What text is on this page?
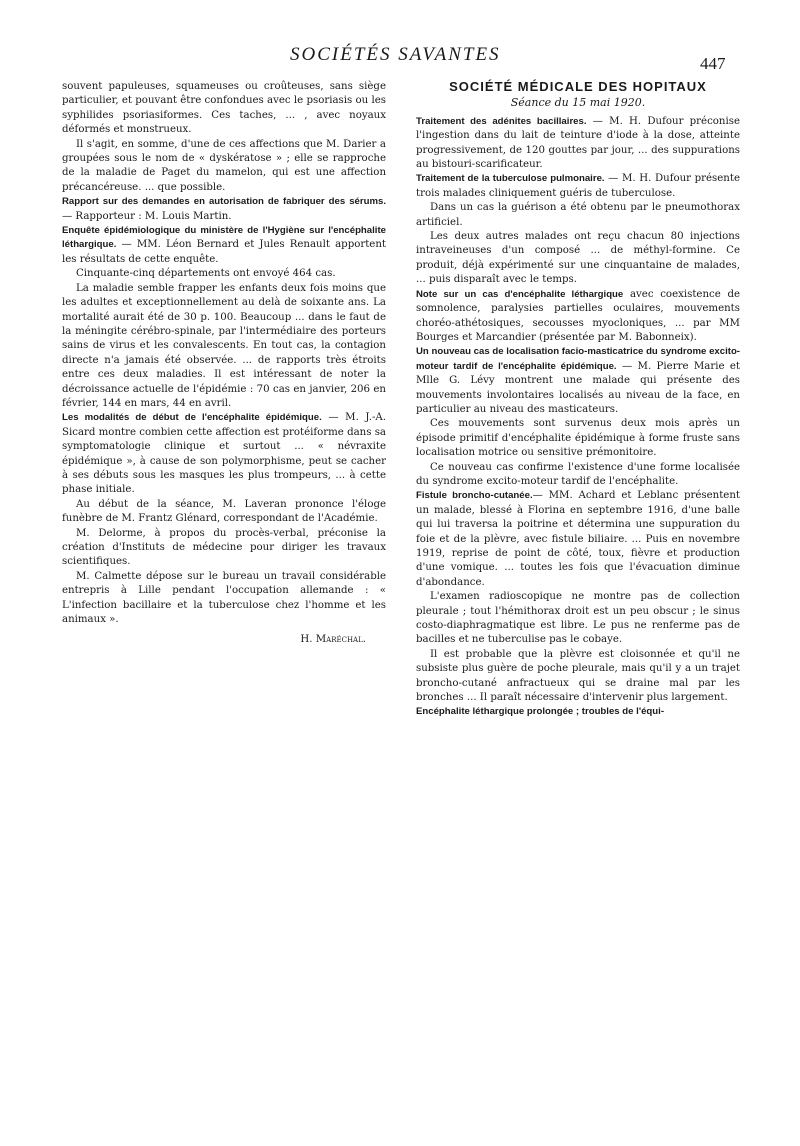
SOCIÉTÉS SAVANTES	447

souvent papuleuses, squameuses ou croûteuses, sans siège particulier, et pouvant être confondues avec le psoriasis ou les syphilides psoriasiformes. Ces taches, ... , avec noyaux déformés et monstrueux.

Il s'agit, en somme, d'une de ces affections que M. Darier a groupées sous le nom de « dyskératose » ; elle se rapproche de la maladie de Paget du mamelon, qui est une affection précancéreuse. ... que possible.

Rapport sur des demandes en autorisation de fabriquer des sérums. — Rapporteur : M. Louis Martin.

Enquête épidémiologique du ministère de l'Hygiène sur l'encéphalite léthargique. — MM. Léon Bernard et Jules Renault apportent les résultats de cette enquête.

Cinquante-cinq départements ont envoyé 464 cas.

La maladie semble frapper les enfants deux fois moins que les adultes et exceptionnellement au delà de soixante ans. La mortalité aurait été de 30 p. 100. Beaucoup ... dans le faut de la méningite cérébro-spinale, par l'intermédiaire des porteurs sains de virus et les convalescents. En tout cas, la contagion directe n'a jamais été observée. ... de rapports très étroits entre ces deux maladies. Il est intéressant de noter la décroissance actuelle de l'épidémie : 70 cas en janvier, 206 en février, 144 en mars, 44 en avril.

Les modalités de début de l'encéphalite épidémique. — M. J.-A. Sicard montre combien cette affection est protéiforme dans sa symptomatologie clinique et surtout ... « névraxite épidémique », à cause de son polymorphisme, peut se cacher à ses débuts sous les masques les plus trompeurs, ... à cette phase initiale.

Au début de la séance, M. Laveran prononce l'éloge funèbre de M. Frantz Glénard, correspondant de l'Académie.

M. Delorme, à propos du procès-verbal, préconise la création d'Instituts de médecine pour diriger les travaux scientifiques.

M. Calmette dépose sur le bureau un travail considérable entrepris à Lille pendant l'occupation allemande : « L'infection bacillaire et la tuberculose chez l'homme et les animaux ».

H. Maréchal.

SOCIÉTÉ MÉDICALE DES HOPITAUX
Séance du 15 mai 1920.

Traitement des adénites bacillaires. — M. H. Dufour préconise l'ingestion dans du lait de teinture d'iode à la dose, atteinte progressivement, de 120 gouttes par jour, ... des suppurations au bistouri-scarificateur.

Traitement de la tuberculose pulmonaire. — M. H. Dufour présente trois malades cliniquement guéris de tuberculose.

Dans un cas la guérison a été obtenu par le pneumothorax artificiel.

Les deux autres malades ont reçu chacun 80 injections intraveineuses d'un composé ... de méthyl-formine. Ce produit, déjà expérimenté sur une cinquantaine de malades, ... puis disparaît avec le temps.

Note sur un cas d'encéphalite léthargique avec coexistence de somnolence, paralysies partielles oculaires, mouvements choréo-athétosiques, secousses myocloniques, ... par MM Bourges et Marcandier (présentée par M. Babonneix).

Un nouveau cas de localisation facio-masticatrice du syndrome excito-moteur tardif de l'encéphalite épidémique. — M. Pierre Marie et Mlle G. Lévy montrent une malade qui présente des mouvements involontaires localisés au niveau de la face, en particulier au niveau des masticateurs.

Ces mouvements sont survenus deux mois après un épisode primitif d'encéphalite épidémique à forme fruste sans localisation motrice ou sensitive prémonitoire.

Ce nouveau cas confirme l'existence d'une forme localisée du syndrome excito-moteur tardif de l'encéphalite.

Fistule broncho-cutanée.— MM. Achard et Leblanc présentent un malade, blessé à Florina en septembre 1916, d'une balle qui lui traversa la poitrine et détermina une suppuration du foie et de la plèvre, avec fistule biliaire. ... Puis en novembre 1919, reprise de point de côté, toux, fièvre et production d'une vomique. ... toutes les fois que l'évacuation diminue d'abondance.

L'examen radioscopique ne montre pas de collection pleurale ; tout l'hémithorax droit est un peu obscur ; le sinus costo-diaphragmatique est libre. Le pus ne renferme pas de bacilles et ne tuberculise pas le cobaye.

Il est probable que la plèvre est cloisonnée et qu'il ne subsiste plus guère de poche pleurale, mais qu'il y a un trajet broncho-cutané anfractueux qui se draine mal par les bronches ... Il paraît nécessaire d'intervenir plus largement.

Encéphalite léthargique prolongée ; troubles de l'équi-
